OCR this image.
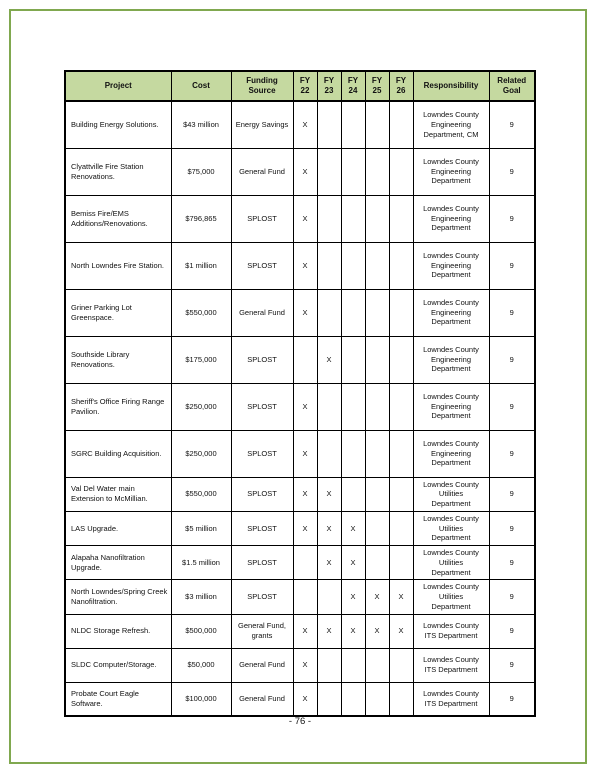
Project	Cost	Funding Source	FY 22	FY 23	FY 24	FY 25	FY 26	Responsibility	Related Goal
Building Energy Solutions.	$43 million	Energy Savings	X					Lowndes County Engineering Department, CM	9
Clyattville Fire Station Renovations.	$75,000	General Fund	X					Lowndes County Engineering Department	9
Bemiss Fire/EMS Additions/Renovations.	$796,865	SPLOST	X					Lowndes County Engineering Department	9
North Lowndes Fire Station.	$1 million	SPLOST	X					Lowndes County Engineering Department	9
Griner Parking Lot Greenspace.	$550,000	General Fund	X					Lowndes County Engineering Department	9
Southside Library Renovations.	$175,000	SPLOST		X				Lowndes County Engineering Department	9
Sheriff's Office Firing Range Pavilion.	$250,000	SPLOST	X					Lowndes County Engineering Department	9
SGRC Building Acquisition.	$250,000	SPLOST	X					Lowndes County Engineering Department	9
Val Del Water main Extension to McMillian.	$550,000	SPLOST	X	X				Lowndes County Utilities Department	9
LAS Upgrade.	$5 million	SPLOST	X	X	X			Lowndes County Utilities Department	9
Alapaha Nanofiltration Upgrade.	$1.5 million	SPLOST		X	X			Lowndes County Utilities Department	9
North Lowndes/Spring Creek Nanofiltration.	$3 million	SPLOST			X	X	X	Lowndes County Utilities Department	9
NLDC Storage Refresh.	$500,000	General Fund, grants	X	X	X	X	X	Lowndes County ITS Department	9
SLDC Computer/Storage.	$50,000	General Fund	X					Lowndes County ITS Department	9
Probate Court Eagle Software.	$100,000	General Fund	X					Lowndes County ITS Department	9
- 76 -
